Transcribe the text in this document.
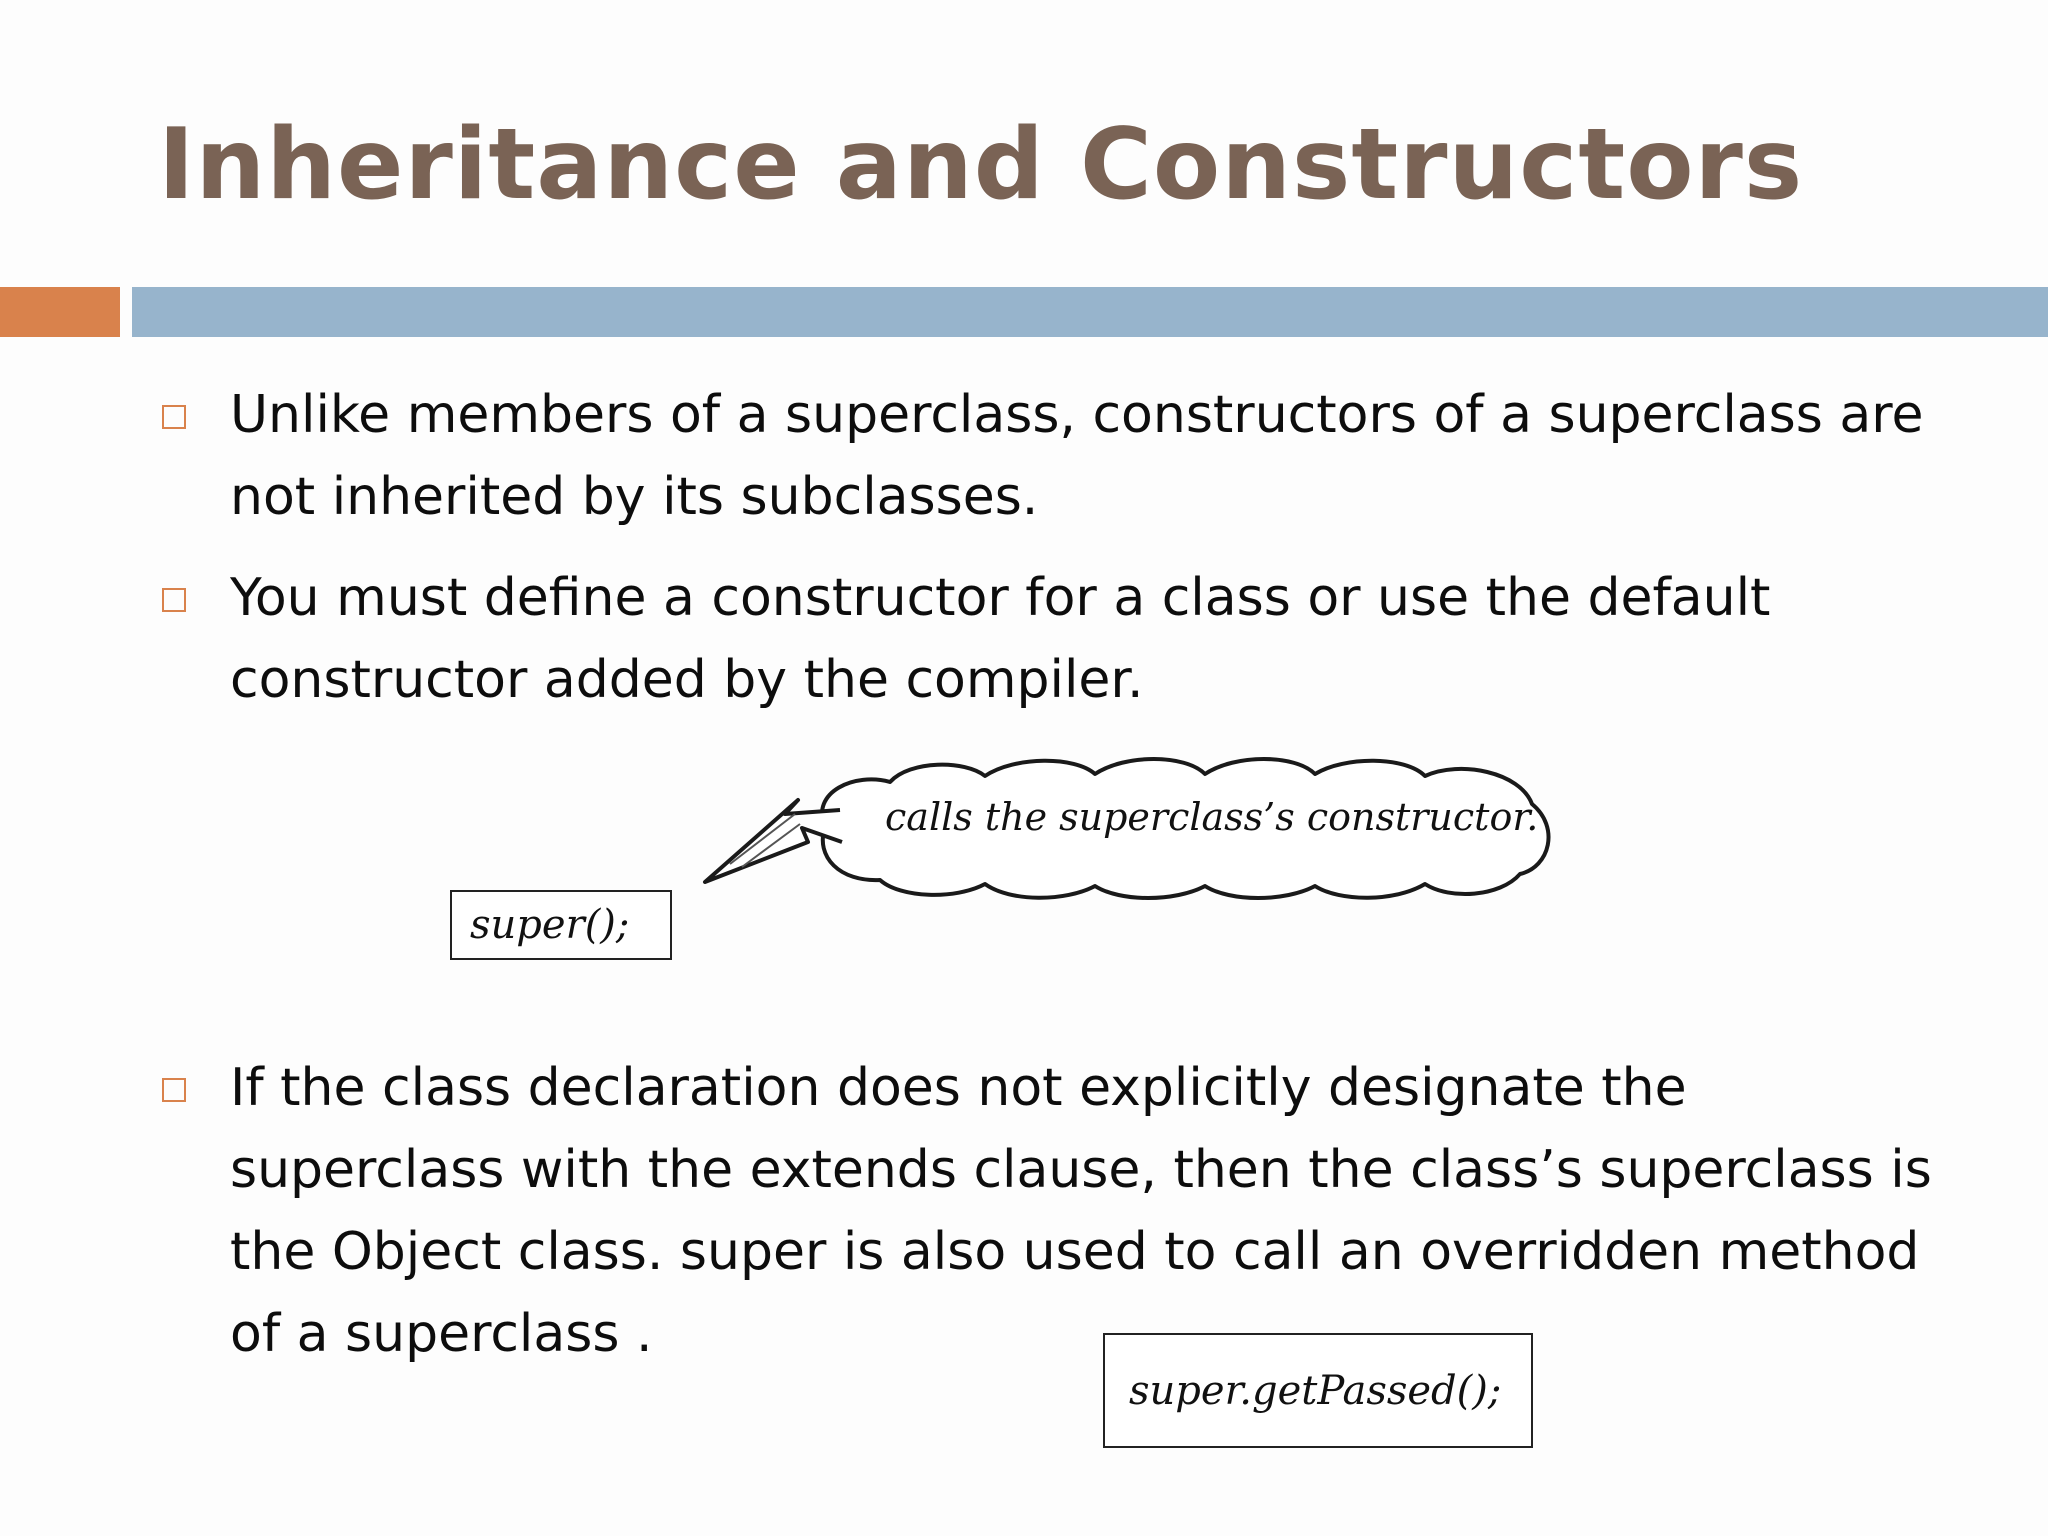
Inheritance and Constructors
Unlike members of a superclass, constructors of a superclass are not inherited by its subclasses.
You must define a constructor for a class or use the default constructor added by the compiler.
If the class declaration does not explicitly designate the superclass with the extends clause, then the class’s superclass is the Object class. super is also used to call an overridden method of a superclass .
calls the superclass’s constructor.
super();
super.getPassed();
